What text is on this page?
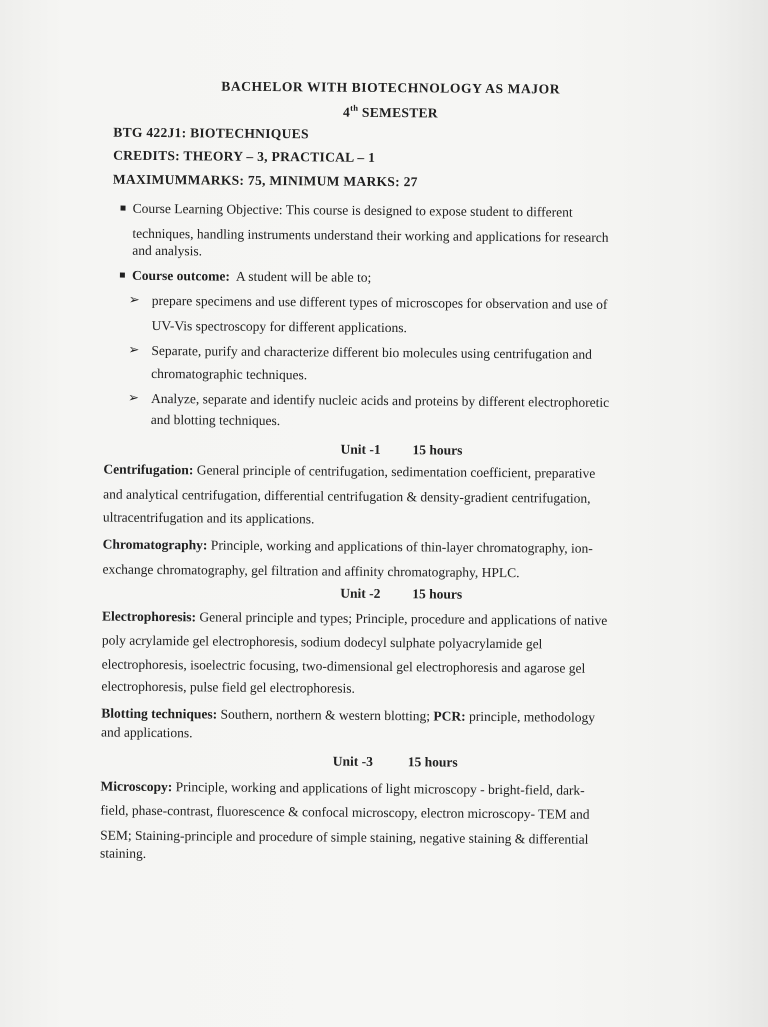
BACHELOR WITH BIOTECHNOLOGY AS MAJOR
4th SEMESTER
BTG 422J1: BIOTECHNIQUES
CREDITS: THEORY – 3, PRACTICAL – 1
MAXIMUMMARKS: 75, MINIMUM MARKS: 27
▪ Course Learning Objective: This course is designed to expose student to different
techniques, handling instruments understand their working and applications for research
and analysis.
▪ Course outcome: A student will be able to;
➢ prepare specimens and use different types of microscopes for observation and use of
UV-Vis spectroscopy for different applications.
➢ Separate, purify and characterize different bio molecules using centrifugation and
chromatographic techniques.
➢ Analyze, separate and identify nucleic acids and proteins by different electrophoretic
and blotting techniques.
Unit -1 15 hours
Centrifugation: General principle of centrifugation, sedimentation coefficient, preparative
and analytical centrifugation, differential centrifugation & density-gradient centrifugation,
ultracentrifugation and its applications.
Chromatography: Principle, working and applications of thin-layer chromatography, ion-
exchange chromatography, gel filtration and affinity chromatography, HPLC.
Unit -2 15 hours
Electrophoresis: General principle and types; Principle, procedure and applications of native
poly acrylamide gel electrophoresis, sodium dodecyl sulphate polyacrylamide gel
electrophoresis, isoelectric focusing, two-dimensional gel electrophoresis and agarose gel
electrophoresis, pulse field gel electrophoresis.
Blotting techniques: Southern, northern & western blotting; PCR: principle, methodology
and applications.
Unit -3	15 hours
Microscopy: Principle, working and applications of light microscopy - bright-field, dark-
field, phase-contrast, fluorescence & confocal microscopy, electron microscopy- TEM and
SEM; Staining-principle and procedure of simple staining, negative staining & differential
staining.
